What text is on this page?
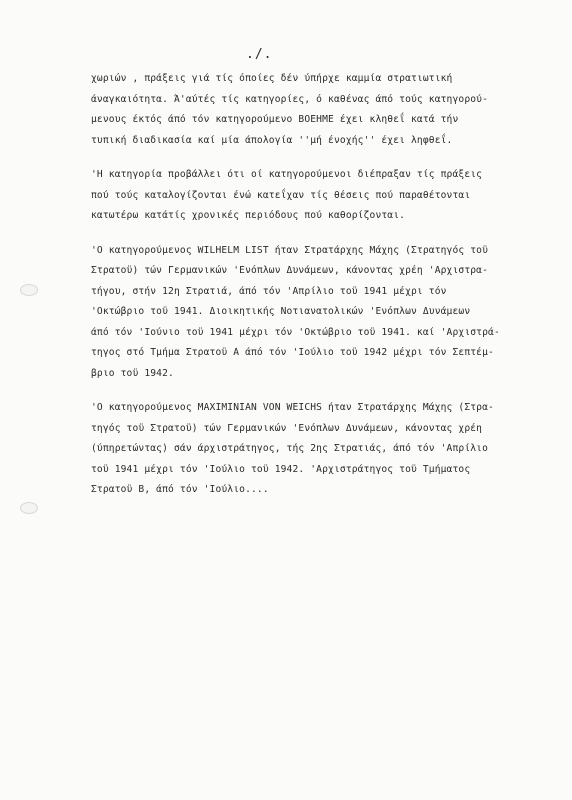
./.
χωριών , πράξεις γιά τίς όποίες δέν ύπήρχε καμμία στρατιωτική
άναγκαιότητα. Ά'αύτές τίς κατηγορίες, ό καθένας άπό τούς κατηγορού-
μενους έκτός άπό τόν κατηγορούμενο BOEHME έχει κληθεΐ κατά τήν
τυπική διαδικασία καί μία άπολογία ''μή ένοχής'' έχει ληφθεΐ.
'Η κατηγορία προβάλλει ότι οί κατηγορούμενοι διέπραξαν τίς πράξεις
πού τούς καταλογίζονται ένώ κατεΐχαν τίς θέσεις πού παραθέτονται
κατωτέρω κατάτίς χρονικές περιόδους πού καθορίζονται.
'Ο κατηγορούμενος WILHELM LIST ήταν Στρατάρχης Μάχης (Στρατηγός τοϋ
Στρατοϋ) τών Γερμανικών 'Ενόπλων Δυνάμεων, κάνοντας χρέη 'Αρχιστρα-
τήγου, στήν 12η Στρατιά, άπό τόν 'Απρίλιο τοϋ 1941 μέχρι τόν
'Οκτώβριο τοϋ 1941. Διοικητικής Νοτιανατολικών 'Ενόπλων Δυνάμεων
άπό τόν 'Ιούνιο τοϋ 1941 μέχρι τόν 'Οκτώβριο τοϋ 1941. καί 'Αρχιστρά-
τηγος στό Τμήμα Στρατοϋ Α άπό τόν 'Ιούλιο τοϋ 1942 μέχρι τόν Σεπτέμ-
βριο τοϋ 1942.
'Ο κατηγορούμενος MAXIMINIAN VON WEICHS ήταν Στρατάρχης Μάχης (Στρα-
τηγός τοϋ Στρατοϋ) τών Γερμανικών 'Ενόπλων Δυνάμεων, κάνοντας χρέη
(ύπηρετώντας) σάν άρχιστράτηγος, τής 2ης Στρατιάς, άπό τόν 'Απρίλιο
τοϋ 1941 μέχρι τόν 'Ιούλιο τοϋ 1942. 'Αρχιστράτηγος τοϋ Τμήματος
Στρατοϋ Β, άπό τόν 'Ιούλιο....
